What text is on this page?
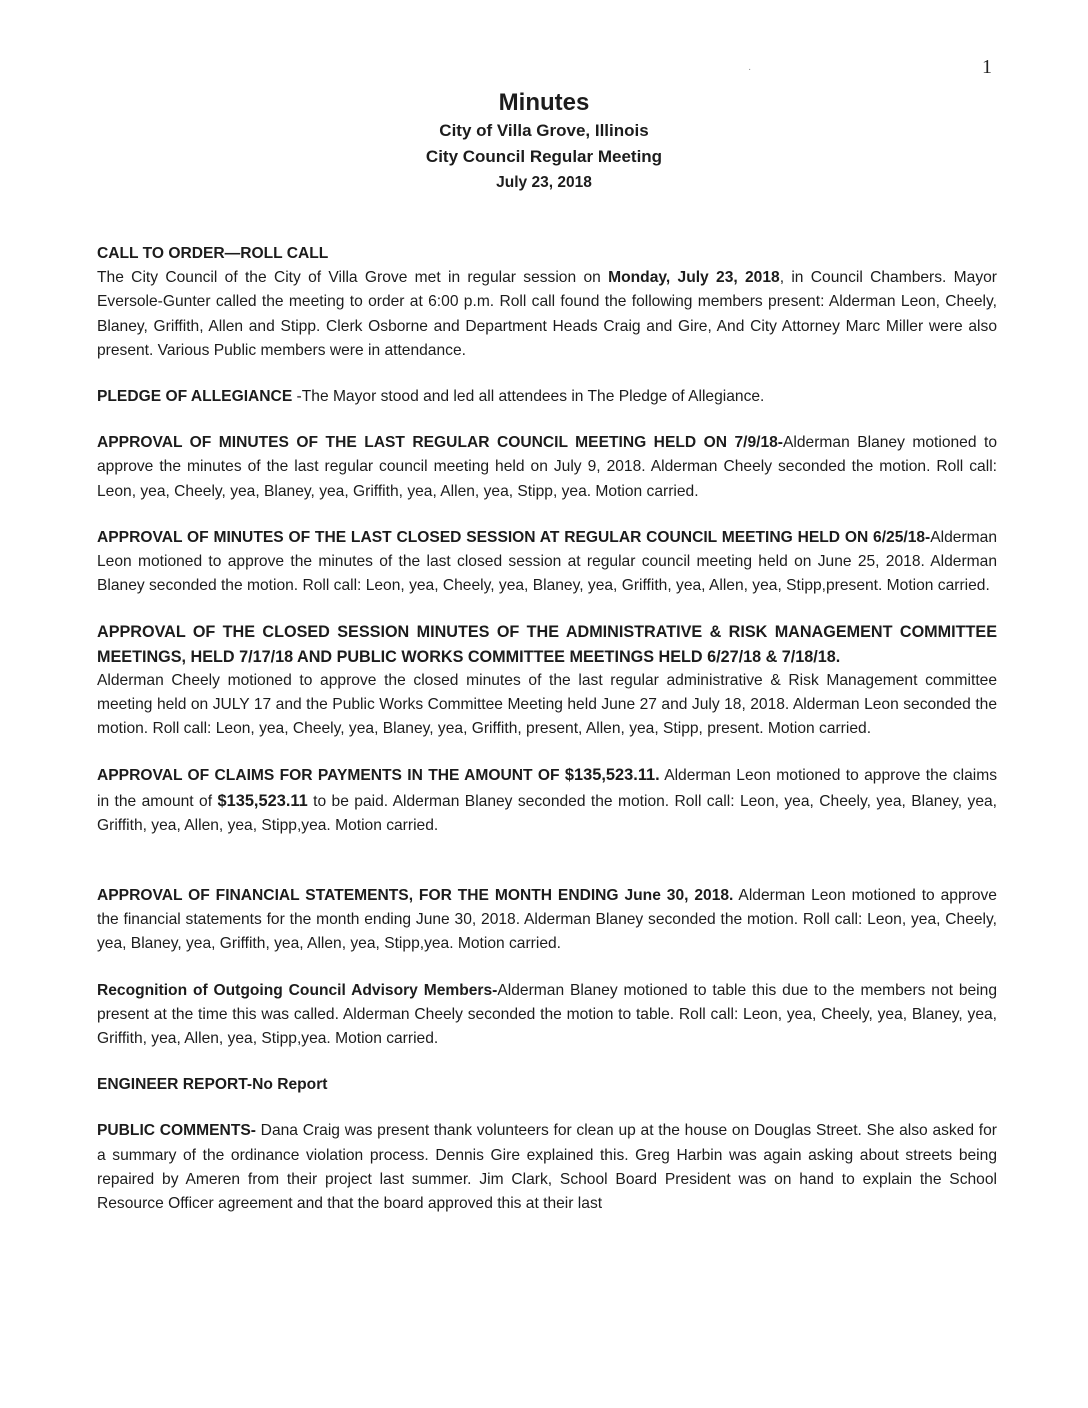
1
·
Minutes
City of Villa Grove, Illinois
City Council Regular Meeting
July 23, 2018

CALL TO ORDER—ROLL CALL

The City Council of the City of Villa Grove met in regular session on Monday, July 23, 2018, in Council Chambers. Mayor Eversole-Gunter called the meeting to order at 6:00 p.m. Roll call found the following members present: Alderman Leon, Cheely, Blaney, Griffith, Allen and Stipp. Clerk Osborne and Department Heads Craig and Gire, And City Attorney Marc Miller were also present. Various Public members were in attendance.

PLEDGE OF ALLEGIANCE -The Mayor stood and led all attendees in The Pledge of Allegiance.

APPROVAL OF MINUTES OF THE LAST REGULAR COUNCIL MEETING HELD ON 7/9/18-Alderman Blaney motioned to approve the minutes of the last regular council meeting held on July 9, 2018. Alderman Cheely seconded the motion. Roll call: Leon, yea, Cheely, yea, Blaney, yea, Griffith, yea, Allen, yea, Stipp, yea. Motion carried.

APPROVAL OF MINUTES OF THE LAST CLOSED SESSION AT REGULAR COUNCIL MEETING HELD ON 6/25/18-Alderman Leon motioned to approve the minutes of the last closed session at regular council meeting held on June 25, 2018. Alderman Blaney seconded the motion. Roll call: Leon, yea, Cheely, yea, Blaney, yea, Griffith, yea, Allen, yea, Stipp,present. Motion carried.

APPROVAL OF THE CLOSED SESSION MINUTES OF THE ADMINISTRATIVE & RISK MANAGEMENT COMMITTEE MEETINGS, HELD 7/17/18 AND PUBLIC WORKS COMMITTEE MEETINGS HELD 6/27/18 & 7/18/18.

Alderman Cheely motioned to approve the closed minutes of the last regular administrative & Risk Management committee meeting held on JULY 17 and the Public Works Committee Meeting held June 27 and July 18, 2018. Alderman Leon seconded the motion. Roll call: Leon, yea, Cheely, yea, Blaney, yea, Griffith, present, Allen, yea, Stipp, present. Motion carried.

APPROVAL OF CLAIMS FOR PAYMENTS IN THE AMOUNT OF $135,523.11. Alderman Leon motioned to approve the claims in the amount of $135,523.11 to be paid. Alderman Blaney seconded the motion. Roll call: Leon, yea, Cheely, yea, Blaney, yea, Griffith, yea, Allen, yea, Stipp,yea. Motion carried.

APPROVAL OF FINANCIAL STATEMENTS, FOR THE MONTH ENDING June 30, 2018. Alderman Leon motioned to approve the financial statements for the month ending June 30, 2018. Alderman Blaney seconded the motion. Roll call: Leon, yea, Cheely, yea, Blaney, yea, Griffith, yea, Allen, yea, Stipp,yea. Motion carried.

Recognition of Outgoing Council Advisory Members-Alderman Blaney motioned to table this due to the members not being present at the time this was called. Alderman Cheely seconded the motion to table. Roll call: Leon, yea, Cheely, yea, Blaney, yea, Griffith, yea, Allen, yea, Stipp,yea. Motion carried.

ENGINEER REPORT-No Report

PUBLIC COMMENTS- Dana Craig was present thank volunteers for clean up at the house on Douglas Street. She also asked for a summary of the ordinance violation process. Dennis Gire explained this. Greg Harbin was again asking about streets being repaired by Ameren from their project last summer. Jim Clark, School Board President was on hand to explain the School Resource Officer agreement and that the board approved this at their last
